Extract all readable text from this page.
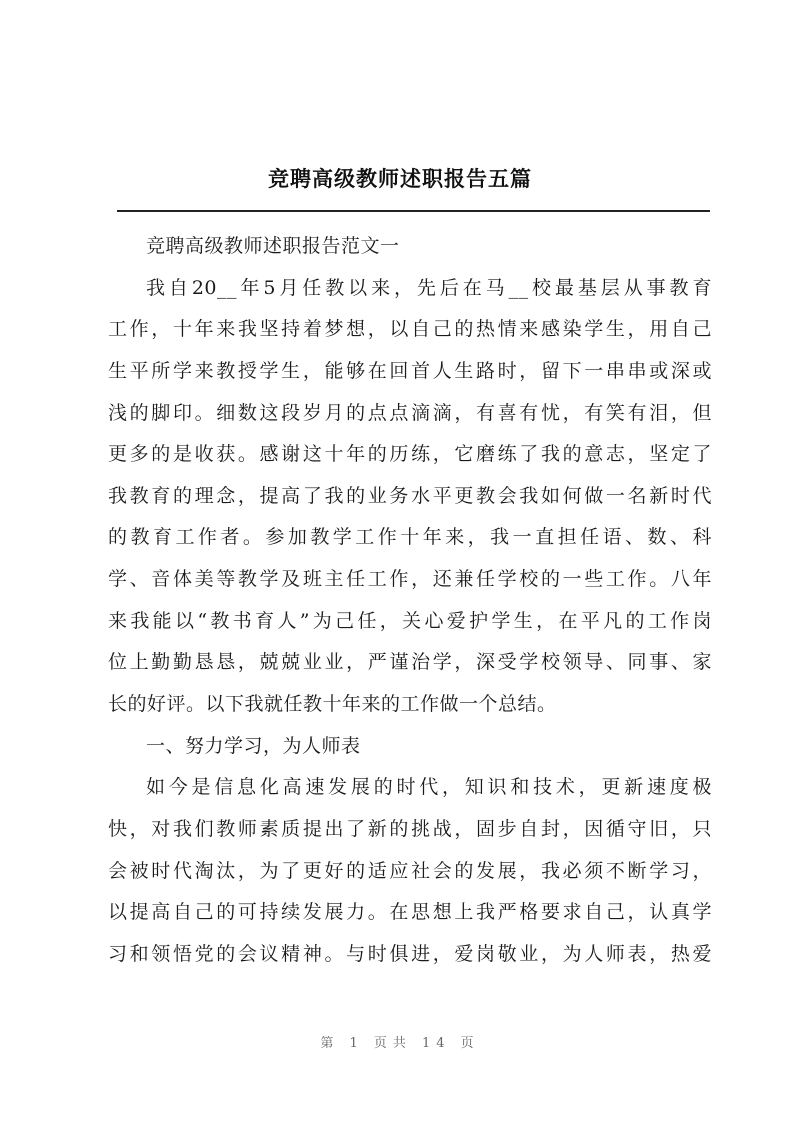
竞聘高级教师述职报告五篇
竞聘高级教师述职报告范文一
我自20__年5月任教以来，先后在马__校最基层从事教育
工作，十年来我坚持着梦想，以自己的热情来感染学生，用自己
生平所学来教授学生，能够在回首人生路时，留下一串串或深或
浅的脚印。细数这段岁月的点点滴滴，有喜有忧，有笑有泪，但
更多的是收获。感谢这十年的历练，它磨练了我的意志，坚定了
我教育的理念，提高了我的业务水平更教会我如何做一名新时代
的教育工作者。参加教学工作十年来，我一直担任语、数、科
学、音体美等教学及班主任工作，还兼任学校的一些工作。八年
来我能以“教书育人”为己任，关心爱护学生，在平凡的工作岗
位上勤勤恳恳，兢兢业业，严谨治学，深受学校领导、同事、家
长的好评。以下我就任教十年来的工作做一个总结。
一、努力学习，为人师表
如今是信息化高速发展的时代，知识和技术，更新速度极
快，对我们教师素质提出了新的挑战，固步自封，因循守旧，只
会被时代淘汰，为了更好的适应社会的发展，我必须不断学习，
以提高自己的可持续发展力。在思想上我严格要求自己，认真学
习和领悟党的会议精神。与时俱进，爱岗敬业，为人师表，热爱
第 1 页共 14 页
